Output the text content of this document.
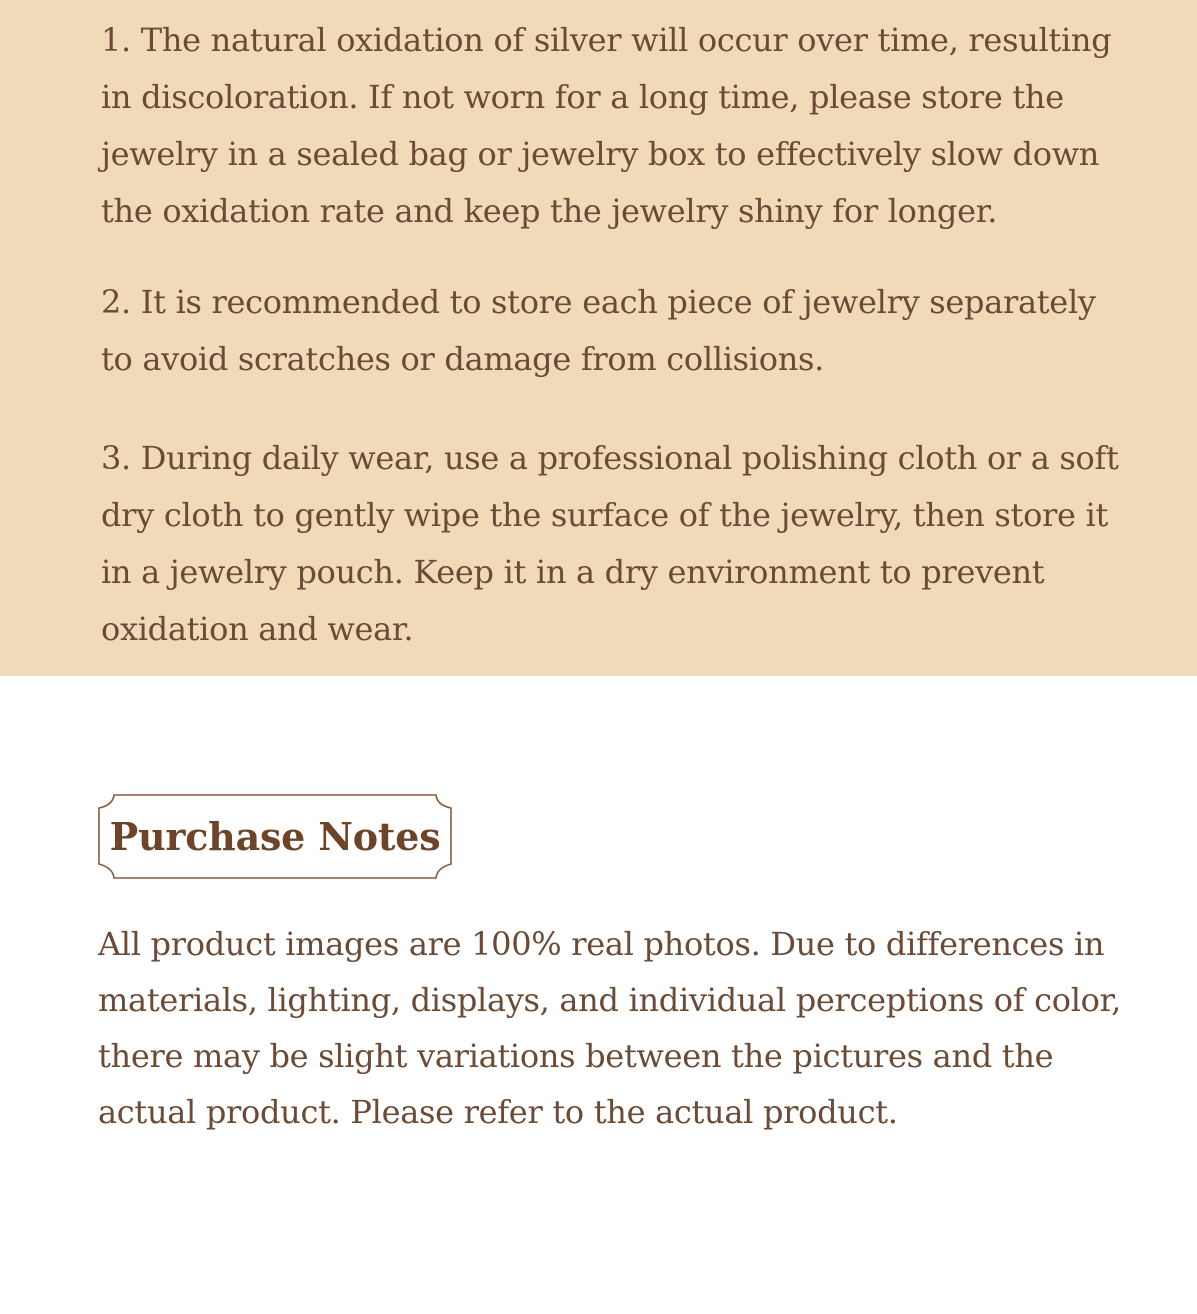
1. The natural oxidation of silver will occur over time, resulting in discoloration. If not worn for a long time, please store the jewelry in a sealed bag or jewelry box to effectively slow down the oxidation rate and keep the jewelry shiny for longer.

2. It is recommended to store each piece of jewelry separately to avoid scratches or damage from collisions.

3. During daily wear, use a professional polishing cloth or a soft dry cloth to gently wipe the surface of the jewelry, then store it in a jewelry pouch. Keep it in a dry environment to prevent oxidation and wear.

Purchase Notes

All product images are 100% real photos. Due to differences in materials, lighting, displays, and individual perceptions of color, there may be slight variations between the pictures and the actual product. Please refer to the actual product.
